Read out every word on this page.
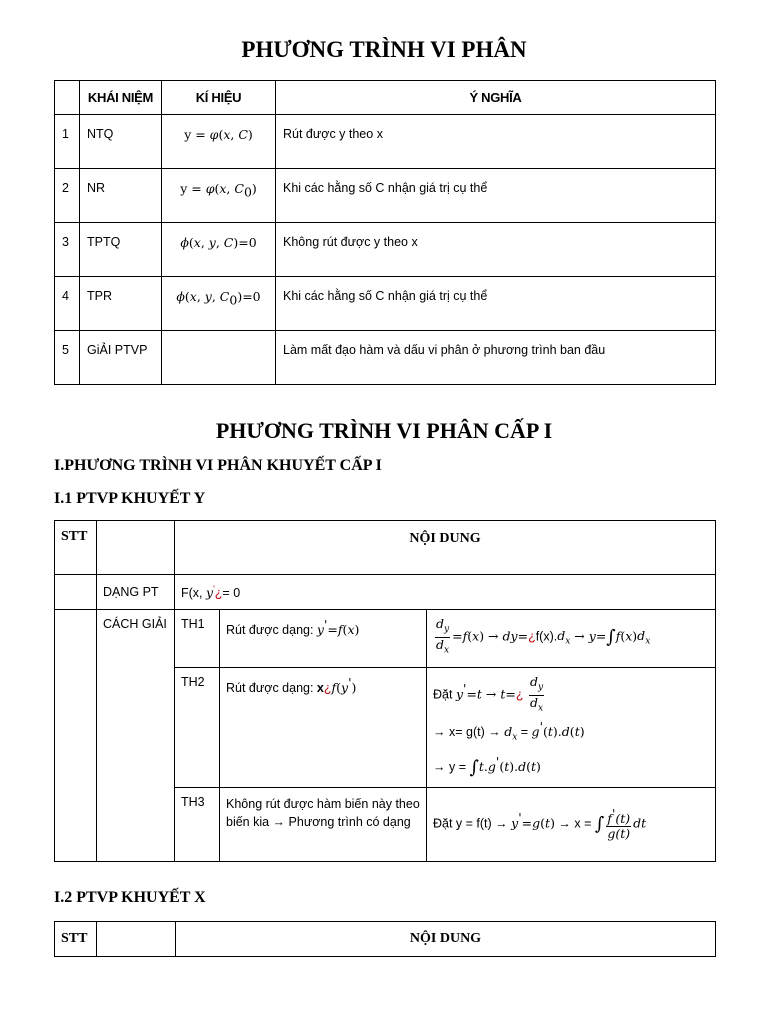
PHƯƠNG TRÌNH VI PHÂN
	KHÁI NIỆM	KÍ HIỆU	Ý NGHĨA
1	NTQ	y = φ(x, C)	Rút được y theo x
2	NR	y = φ(x, $C_0$)	Khi các hằng số C nhận giá trị cụ thể
3	TPTQ	ϕ(x, y, C)=0	Không rút được y theo x
4	TPR	ϕ(x, y, $C_0)=0$	Khi các hằng số C nhận giá trị cụ thể
5	GiẢI PTVP		Làm mất đạo hàm và dấu vi phân ở phương trình ban đầu
PHƯƠNG TRÌNH VI PHÂN CẤP I
I.PHƯƠNG TRÌNH VI PHÂN KHUYẾT CẤP I
I.1 PTVP KHUYẾT Y
STT		NỘI DUNG		
	DẠNG PT	F(x, y'¿= 0		
	CÁCH GIẢI	TH1	Rút được dạng: y'=f(x)	$\frac{d_y}{d_x} =f(x)$ → $dy=¿f(x).d_x \to y=\int f(x)d_x$
		TH2	Rút được dạng: x¿f(y')	Đặt y'=t → t=¿ $\frac{d_y}{d_x}$
→ $x= g(t) \to d_x = g'(t).d(t)$
→ y = ∫t.g'(t).d(t)

		TH3	Không rút được hàm biến này theo biến kia → Phương trình có dạng	Đặt y = f(t) → y'=g(t) → x = ∫ $\frac{f'(t)}{g(t)}$ dt
I.2 PTVP KHUYẾT X
STT		NỘI DUNG
